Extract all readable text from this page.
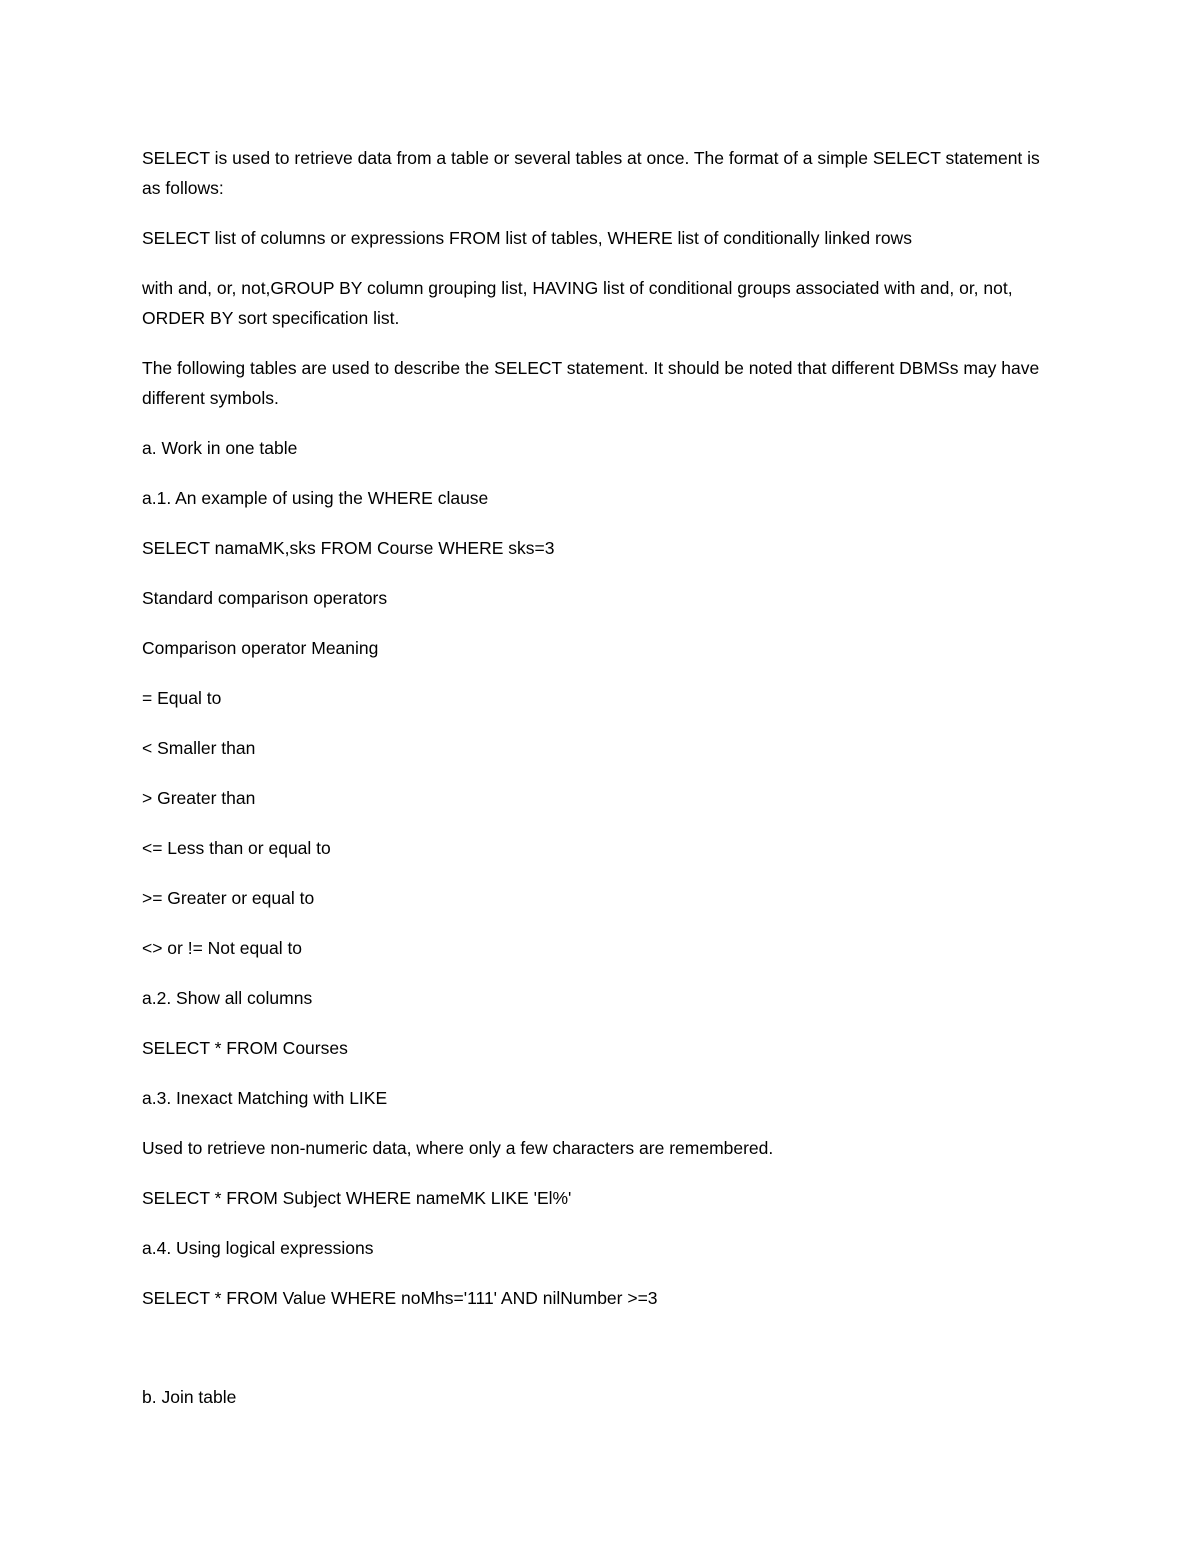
SELECT is used to retrieve data from a table or several tables at once. The format of a simple SELECT statement is as follows:

SELECT list of columns or expressions FROM list of tables, WHERE list of conditionally linked rows

with and, or, not,GROUP BY column grouping list, HAVING list of conditional groups associated with and, or, not, ORDER BY sort specification list.

The following tables are used to describe the SELECT statement. It should be noted that different DBMSs may have different symbols.

a. Work in one table

a.1. An example of using the WHERE clause

SELECT namaMK,sks FROM Course WHERE sks=3

Standard comparison operators

Comparison operator Meaning

= Equal to

< Smaller than

> Greater than

<= Less than or equal to

>= Greater or equal to

<> or != Not equal to

a.2. Show all columns

SELECT * FROM Courses

a.3. Inexact Matching with LIKE

Used to retrieve non-numeric data, where only a few characters are remembered.

SELECT * FROM Subject WHERE nameMK LIKE 'El%'

a.4. Using logical expressions

SELECT * FROM Value WHERE noMhs='111' AND nilNumber >=3

b. Join table
